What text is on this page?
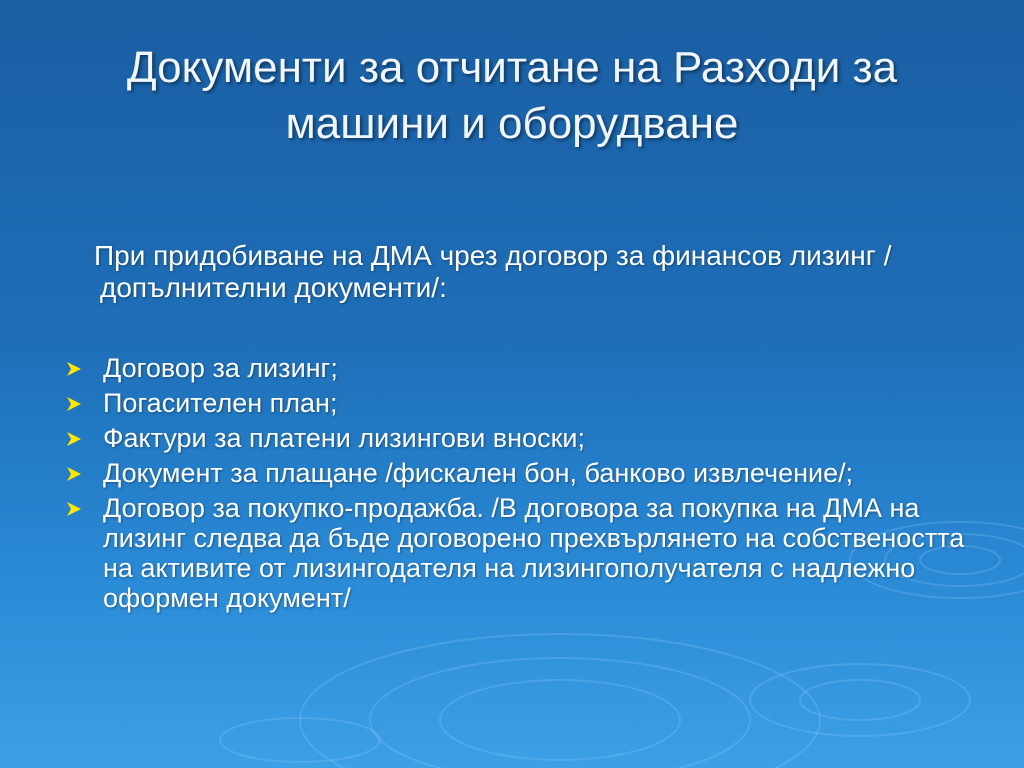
Документи за отчитане на Разходи за
машини и оборудване
При придобиване на ДМА чрез договор за финансов лизинг /допълнителни документи/:
Договор за лизинг;
Погасителен план;
Фактури за платени лизингови вноски;
Документ за плащане /фискален бон, банково извлечение/;
Договор за покупко-продажба. /В договора за покупка на ДМА на лизинг следва да бъде договорено прехвърлянето на собствеността на активите от лизингодателя на лизингополучателя с надлежно оформен документ/
